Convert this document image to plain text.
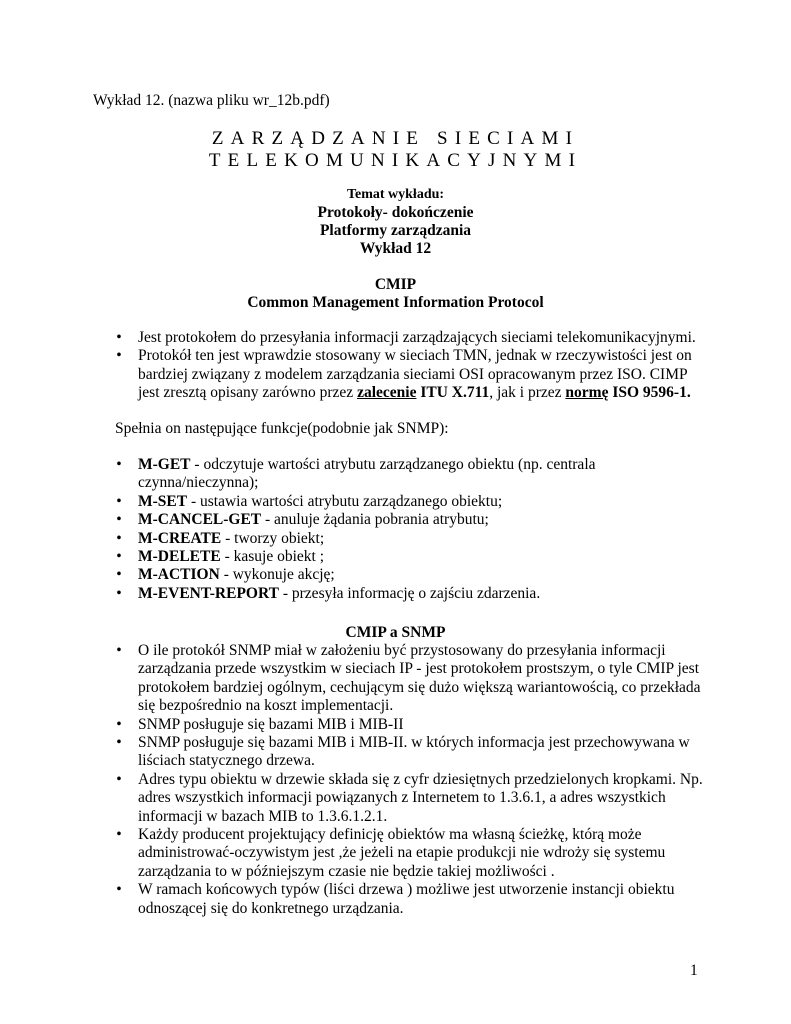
Wykład 12. (nazwa pliku wr_12b.pdf)
ZARZĄDZANIE SIECIAMI
TELEKOMUNIKACYJNYMI
Temat wykładu:
Protokoły- dokończenie
Platformy zarządzania
Wykład 12
CMIP
Common Management Information Protocol
• Jest protokołem do przesyłania informacji zarządzających sieciami telekomunikacyjnymi.
• Protokół ten jest wprawdzie stosowany w sieciach TMN, jednak w rzeczywistości jest on bardziej związany z modelem zarządzania sieciami OSI opracowanym przez ISO. CIMP jest zresztą opisany zarówno przez zalecenie ITU X.711, jak i przez normę ISO 9596-1.
Spełnia on następujące funkcje(podobnie jak SNMP):
• M-GET - odczytuje wartości atrybutu zarządzanego obiektu (np. centrala czynna/nieczynna);
• M-SET - ustawia wartości atrybutu zarządzanego obiektu;
• M-CANCEL-GET - anuluje żądania pobrania atrybutu;
• M-CREATE - tworzy obiekt;
• M-DELETE - kasuje obiekt ;
• M-ACTION - wykonuje akcję;
• M-EVENT-REPORT - przesyła informację o zajściu zdarzenia.
CMIP a SNMP
• O ile protokół SNMP miał w założeniu być przystosowany do przesyłania informacji zarządzania przede wszystkim w sieciach IP - jest protokołem prostszym, o tyle CMIP jest protokołem bardziej ogólnym, cechującym się dużo większą wariantowością, co przekłada się bezpośrednio na koszt implementacji.
• SNMP posługuje się bazami MIB i MIB-II
• SNMP posługuje się bazami MIB i MIB-II. w których informacja jest przechowywana w liściach statycznego drzewa.
• Adres typu obiektu w drzewie składa się z cyfr dziesiętnych przedzielonych kropkami. Np. adres wszystkich informacji powiązanych z Internetem to 1.3.6.1, a adres wszystkich informacji w bazach MIB to 1.3.6.1.2.1.
• Każdy producent projektujący definicję obiektów ma własną ścieżkę, którą może administrować-oczywistym jest ,że jeżeli na etapie produkcji nie wdroży się systemu zarządzania to w późniejszym czasie nie będzie takiej możliwości .
• W ramach końcowych typów (liści drzewa ) możliwe jest utworzenie instancji obiektu odnoszącej się do konkretnego urządzania.
1
